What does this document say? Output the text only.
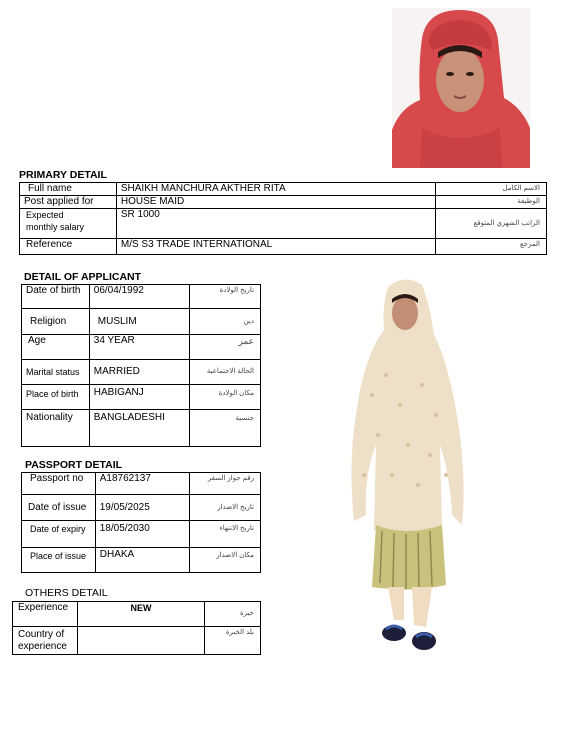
PRIMARY DETAIL
Full name	SHAIKH MANCHURA AKTHER RITA	الاسم الكامل
Post applied for	HOUSE MAID	الوظيفة

Expected
monthly salary	SR 1000	الراتب الشهري المتوقع
Reference	M/S S3 TRADE INTERNATIONAL	المرجع
DETAIL OF APPLICANT
Date of birth	06/04/1992	تاريخ الولادة
Religion	MUSLIM	دين
Age	34 YEAR	عمر
Marital status	MARRIED	الحالة الاجتماعية
Place of birth	HABIGANJ	مكان الولادة
Nationality	BANGLADESHI	جنسية
PASSPORT DETAIL
Passport no	A18762137	رقم جواز السفر
Date of issue	19/05/2025	تاريخ الاصدار
Date of expiry	18/05/2030	تاريخ الانتهاء
Place of issue	DHAKA	مكان الاصدار
OTHERS DETAIL
Experience	NEW	خبرة

Country of
experience		بلد الخبرة
